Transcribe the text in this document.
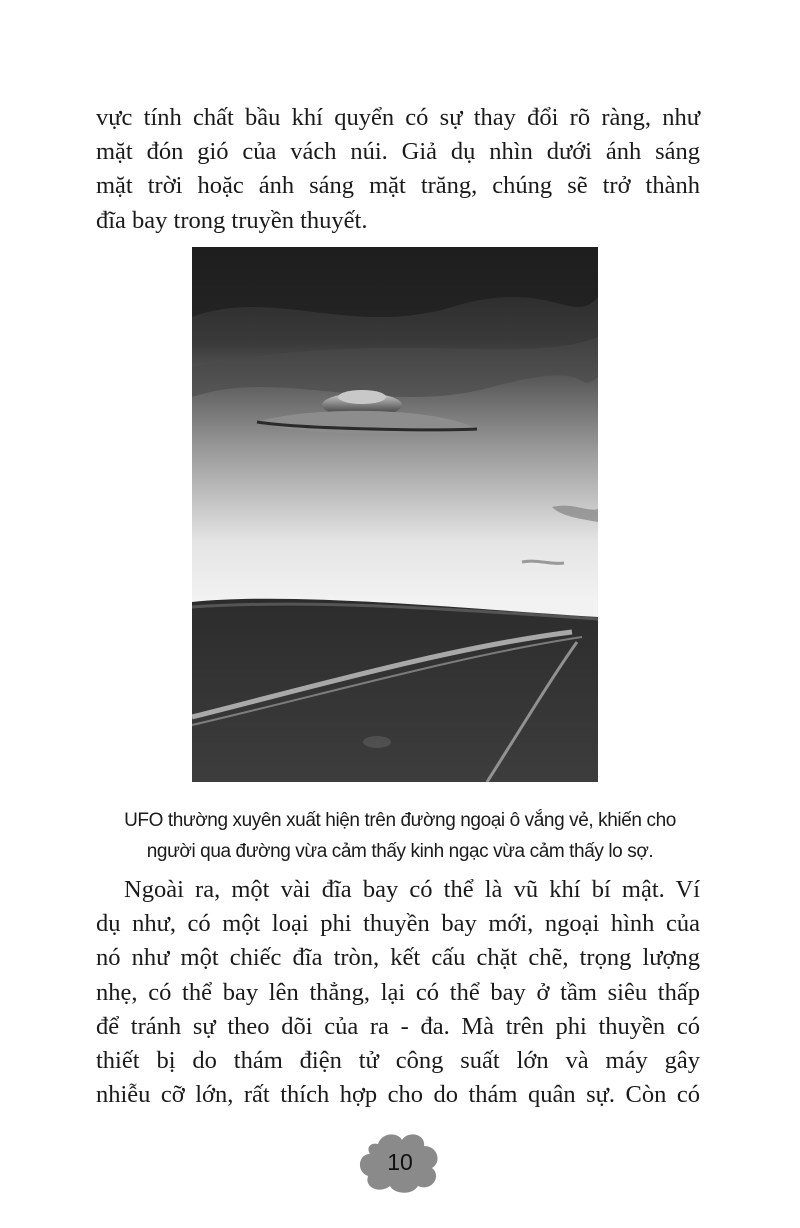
vực tính chất bầu khí quyển có sự thay đổi rõ ràng, như
mặt đón gió của vách núi. Giả dụ nhìn dưới ánh sáng
mặt trời hoặc ánh sáng mặt trăng, chúng sẽ trở thành
đĩa bay trong truyền thuyết.
UFO thường xuyên xuất hiện trên đường ngoại ô vắng vẻ, khiến cho
người qua đường vừa cảm thấy kinh ngạc vừa cảm thấy lo sợ.
Ngoài ra, một vài đĩa bay có thể là vũ khí bí mật. Ví
dụ như, có một loại phi thuyền bay mới, ngoại hình của
nó như một chiếc đĩa tròn, kết cấu chặt chẽ, trọng lượng
nhẹ, có thể bay lên thẳng, lại có thể bay ở tầm siêu thấp
để tránh sự theo dõi của ra - đa. Mà trên phi thuyền có
thiết bị do thám điện tử công suất lớn và máy gây
nhiễu cỡ lớn, rất thích hợp cho do thám quân sự. Còn có
10
